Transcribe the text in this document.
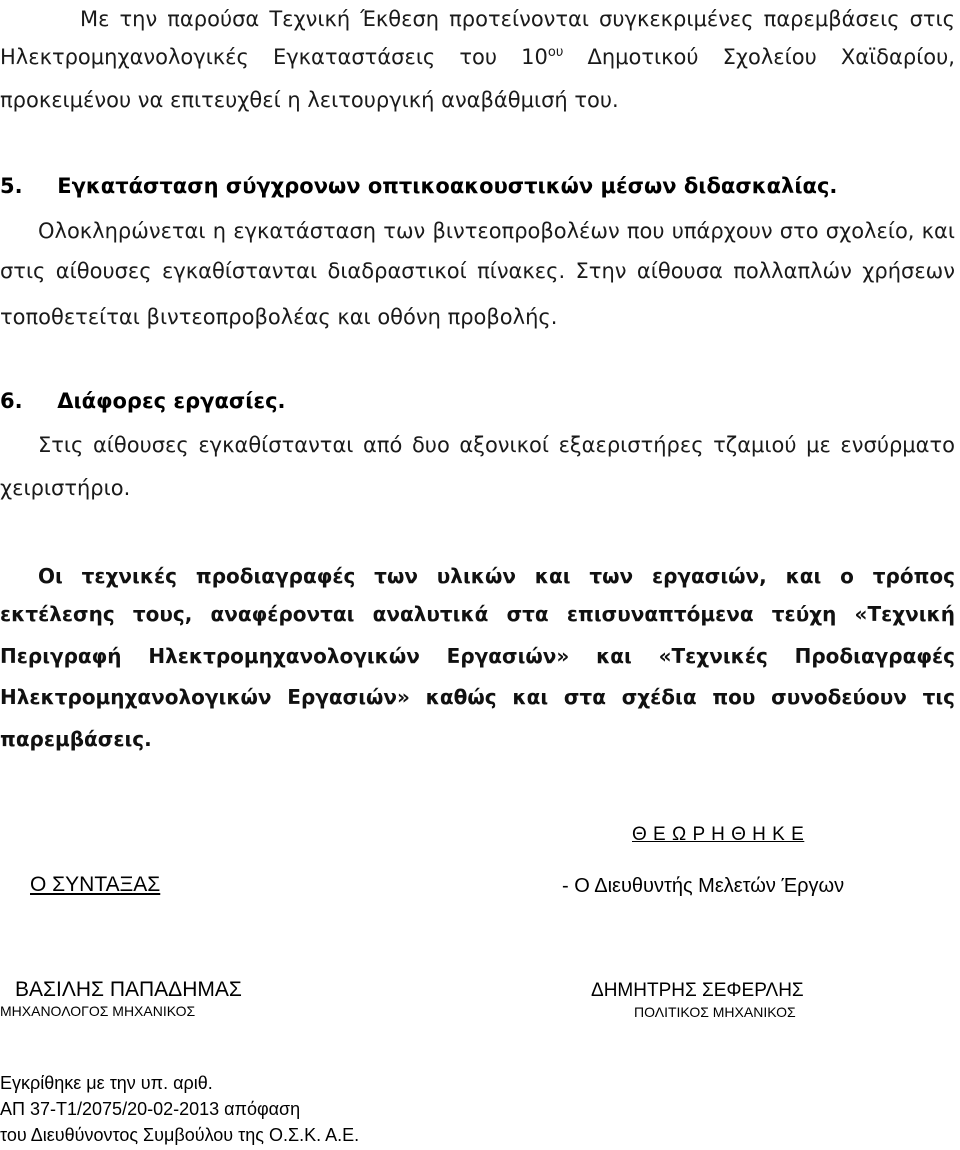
Με την παρούσα Τεχνική Έκθεση προτείνονται συγκεκριμένες παρεμβάσεις στις
Ηλεκτρομηχανολογικές Εγκαταστάσεις του $10^{o\upsilon}$ Δημοτικού Σχολείου Χαϊδαρίου,
προκειμένου να επιτευχθεί η λειτουργική αναβάθμισή του.
5. Εγκατάσταση σύγχρονων οπτικοακουστικών μέσων διδασκαλίας.
Ολοκληρώνεται η εγκατάσταση των βιντεοπροβολέων που υπάρχουν στο σχολείο, και
στις αίθουσες εγκαθίστανται διαδραστικοί πίνακες. Στην αίθουσα πολλαπλών χρήσεων
τοποθετείται βιντεοπροβολέας και οθόνη προβολής.
6. Διάφορες εργασίες.
Στις αίθουσες εγκαθίστανται από δυο αξονικοί εξαεριστήρες τζαμιού με ενσύρματο
χειριστήριο.
Οι τεχνικές προδιαγραφές των υλικών και των εργασιών, και ο τρόπος
εκτέλεσης τους, αναφέρονται αναλυτικά στα επισυναπτόμενα τεύχη «Τεχνική
Περιγραφή Ηλεκτρομηχανολογικών Εργασιών» και «Τεχνικές Προδιαγραφές
Ηλεκτρομηχανολογικών Εργασιών» καθώς και στα σχέδια που συνοδεύουν τις
παρεμβάσεις.
Θ Ε Ω Ρ Η Θ Η Κ Ε
Ο ΣΥΝΤΑΞΑΣ	- Ο Διευθυντής Μελετών Έργων
ΒΑΣΙΛΗΣ ΠΑΠΑΔΗΜΑΣ
ΜΗΧΑΝΟΛΟΓΟΣ ΜΗΧΑΝΙΚΟΣ
ΔΗΜΗΤΡΗΣ ΣΕΦΕΡΛΗΣ
ΠΟΛΙΤΙΚΟΣ ΜΗΧΑΝΙΚΟΣ
Εγκρίθηκε με την υπ. αριθ.
ΑΠ 37-Τ1/2075/20-02-2013 απόφαση
του Διευθύνοντος Συμβούλου της Ο.Σ.Κ. Α.Ε.
